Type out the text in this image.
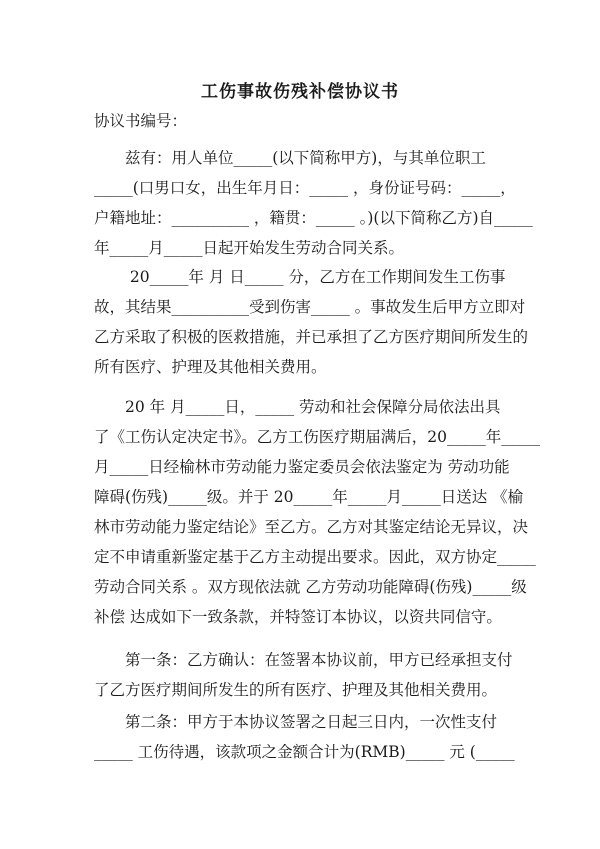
工伤事故伤残补偿协议书
协议书编号：
　　兹有：用人单位_____(以下简称甲方)，与其单位职工
_____(口男口女，出生年月日：_____ ，身份证号码：_____，
户籍地址：__________ ，籍贯：_____ 。)(以下简称乙方)自_____
年_____月_____日起开始发生劳动合同关系。
　　 20_____年 月 日_____ 分，乙方在工作期间发生工伤事
故，其结果__________受到伤害_____ 。事故发生后甲方立即对
乙方采取了积极的医救措施，并已承担了乙方医疗期间所发生的
所有医疗、护理及其他相关费用。
　　20 年 月_____日，_____ 劳动和社会保障分局依法出具
了《工伤认定决定书》。乙方工伤医疗期届满后，20_____年_____
月_____日经榆林市劳动能力鉴定委员会依法鉴定为 劳动功能
障碍(伤残)_____级。并于 20_____年_____月_____日送达 《榆
林市劳动能力鉴定结论》至乙方。乙方对其鉴定结论无异议，决
定不申请重新鉴定基于乙方主动提出要求。因此，双方协定_____
劳动合同关系 。双方现依法就 乙方劳动功能障碍(伤残)_____级
补偿 达成如下一致条款，并特签订本协议，以资共同信守。
　　第一条：乙方确认：在签署本协议前，甲方已经承担支付
了乙方医疗期间所发生的所有医疗、护理及其他相关费用。
　　第二条：甲方于本协议签署之日起三日内，一次性支付
_____ 工伤待遇，该款项之金额合计为(RMB)_____ 元 (_____
